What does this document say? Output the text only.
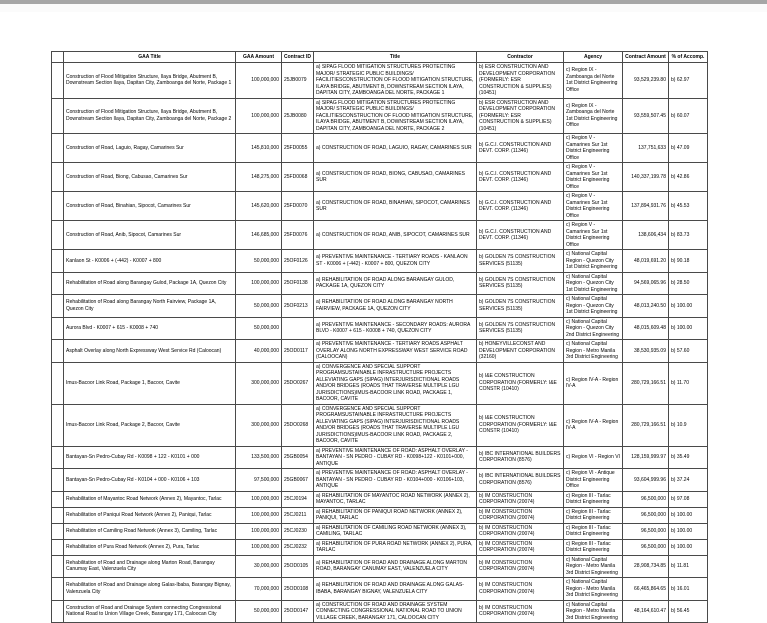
	GAA Title	GAA Amount	Contract ID	Title	Contractor	Agency	Contract Amount	% of Accomp.
	Construction of Flood Mitigation Structure, Ilaya Bridge, Abutment B, Downstream Section Ilaya, Dapitan City, Zamboanga del Norte, Package 1	100,000,000	25JB0079	a) SIPAG FLOOD MITIGATION STRUCTURES PROTECTING MAJOR/ STRATEGIC PUBLIC BUILDINGS/ FACILITIESCONSTRUCTION OF FLOOD MITIGATION STRUCTURE, ILAYA BRIDGE, ABUTMENT B, DOWNSTREAM SECTION ILAYA, DAPITAN CITY, ZAMBOANGA DEL NORTE, PACKAGE 1	b) ESR CONSTRUCTION AND DEVELOPMENT CORPORATION (FORMERLY: ESR CONSTRUCTION & SUPPLIES) (10451)	c) Region IX - Zamboanga del Norte 1st District Engineering Office	93,529,239.80	b) 62.97
	Construction of Flood Mitigation Structure, Ilaya Bridge, Abutment B, Downstream Section Ilaya, Dapitan City, Zamboanga del Norte, Package 2	100,000,000	25JB0080	a) SIPAG FLOOD MITIGATION STRUCTURES PROTECTING MAJOR/ STRATEGIC PUBLIC BUILDINGS/ FACILITIESCONSTRUCTION OF FLOOD MITIGATION STRUCTURE, ILAYA BRIDGE, ABUTMENT B, DOWNSTREAM SECTION ILAYA, DAPITAN CITY, ZAMBOANGA DEL NORTE, PACKAGE 2	b) ESR CONSTRUCTION AND DEVELOPMENT CORPORATION (FORMERLY: ESR CONSTRUCTION & SUPPLIES) (10451)	c) Region IX - Zamboanga del Norte 1st District Engineering Office	93,559,507.45	b) 60.07
	Construction of Road, Laguio, Ragay, Camarines Sur	145,810,000	25FD0055	a) CONSTRUCTION OF ROAD, LAGUIO, RAGAY, CAMARINES SUR	b) G.C.I. CONSTRUCTION AND DEVT. CORP. (11346)	c) Region V - Camarines Sur 1st District Engineering Office	137,751,633	b) 47.09
	Construction of Road, Biong, Cabusao, Camarines Sur	148,275,000	25FD0068	a) CONSTRUCTION OF ROAD, BIONG, CABUSAO, CAMARINES SUR	b) G.C.I. CONSTRUCTION AND DEVT. CORP. (11346)	c) Region V - Camarines Sur 1st District Engineering Office	140,337,199.78	b) 42.86
	Construction of Road, Binahian, Sipocot, Camarines Sur	145,620,000	25FD0070	a) CONSTRUCTION OF ROAD, BINAHIAN, SIPOCOT, CAMARINES SUR	b) G.C.I. CONSTRUCTION AND DEVT. CORP. (11346)	c) Region V - Camarines Sur 1st District Engineering Office	137,894,931.76	b) 45.53
	Construction of Road, Anib, Sipocot, Camarines Sur	146,685,000	25FD0076	a) CONSTRUCTION OF ROAD, ANIB, SIPOCOT, CAMARINES SUR	b) G.C.I. CONSTRUCTION AND DEVT. CORP. (11346)	c) Region V - Camarines Sur 1st District Engineering Office	138,606,434	b) 83.73
	Kanlaon St - K0006 + (-442) - K0007 + 800	50,000,000	25OF0126	a) PREVENTIVE MAINTENANCE - TERTIARY ROADS - KANLAON ST - K0006 + (-442) - K0007 + 800, QUEZON CITY	b) GOLDEN 7S CONSTRUCTION SERVICES (51135)	c) National Capital Region - Quezon City 1st District Engineering	48,019,691.20	b) 90.18
	Rehabilitation of Road along Barangay Gulod, Package 1A, Quezon City	100,000,000	25OF0138	a) REHABILITATION OF ROAD ALONG BARANGAY GULOD, PACKAGE 1A, QUEZON CITY	b) GOLDEN 7S CONSTRUCTION SERVICES (51135)	c) National Capital Region - Quezon City 1st District Engineering	94,569,065.96	b) 28.50
	Rehabilitation of Road along Barangay North Fairview, Package 1A, Quezon City	50,000,000	25OF0213	a) REHABILITATION OF ROAD ALONG BARANGAY NORTH FAIRVIEW, PACKAGE 1A, QUEZON CITY	b) GOLDEN 7S CONSTRUCTION SERVICES (51135)	c) National Capital Region - Quezon City 1st District Engineering	48,013,240.50	b) 100.00
	Aurora Blvd - K0007 + 615 - K0008 + 740	50,000,000		a) PREVENTIVE MAINTENANCE - SECONDARY ROADS: AURORA BLVD - K0007 + 615 - K0008 + 740, QUEZON CITY	b) GOLDEN 7S CONSTRUCTION SERVICES (51135)	c) National Capital Region - Quezon City 2nd District Engineering	48,015,609.48	b) 100.00
	Asphalt Overlay along North Expressway West Service Rd (Caloocan)	40,000,000	25OD0117	a) PREVENTIVE MAINTENANCE - TERTIARY ROADS ASPHALT OVERLAY ALONG NORTH EXPRESSWAY WEST SERVICE ROAD (CALOOCAN)	b) HONEYVILLECONST AND DEVELOPMENT CORPORATION (32160)	c) National Capital Region - Metro Manila 3rd District Engineering	38,530,935.09	b) 57.60
	Imus-Bacoor Link Road, Package 1, Bacoor, Cavite	300,000,000	25DO0267	a) CONVERGENCE AND SPECIAL SUPPORT PROGRAMSUSTAINABLE INFRASTRUCTURE PROJECTS ALLEVIATING GAPS (SIPAG) INTERJURISDICTIONAL ROADS AND/OR BRIDGES (ROADS THAT TRAVERSE MULTIPLE LGU JURISDICTIONS)IMUS-BACOOR LINK ROAD, PACKAGE 1, BACOOR, CAVITE	b) I&E CONSTRUCTION CORPORATION (FORMERLY: I&E CONSTR (10410)	c) Region IV-A - Region IV-A	280,729,166.51	b) 11.70
	Imus-Bacoor Link Road, Package 2, Bacoor, Cavite	300,000,000	25DO0268	a) CONVERGENCE AND SPECIAL SUPPORT PROGRAMSUSTAINABLE INFRASTRUCTURE PROJECTS ALLEVIATING GAPS (SIPAG) INTERJURISDICTIONAL ROADS AND/OR BRIDGES (ROADS THAT TRAVERSE MULTIPLE LGU JURISDICTIONS)IMUS-BACOOR LINK ROAD, PACKAGE 2, BACOOR, CAVITE	b) I&E CONSTRUCTION CORPORATION (FORMERLY: I&E CONSTR (10410)	c) Region IV-A - Region IV-A	280,729,166.51	b) 10.9
	Bantayan-Sn Pedro-Cubay Rd - K0098 + 122 - K0101 + 000	133,500,000	25GB0054	a) PREVENTIVE MAINTENANCE OF ROAD: ASPHALT OVERLAY - BANTAYAN - SN PEDRO - CUBAY RD - K0098+122 - K0101+000, ANTIQUE	b) IBC INTERNATIONAL BUILDERS CORPORATION (8576)	c) Region VI - Region VI	128,159,999.97	b) 35.49
	Bantayan-Sn Pedro-Cubay Rd - K0104 + 000 - K0106 + 103	97,500,000	25GB0067	a) PREVENTIVE MAINTENANCE OF ROAD: ASPHALT OVERLAY - BANTAYAN - SN PEDRO - CUBAY RD - K0104+000 - K0106+103, ANTIQUE	b) IBC INTERNATIONAL BUILDERS CORPORATION (8576)	c) Region VI - Antique District Engineering Office	93,604,999.96	b) 37.24
	Rehabilitation of Mayantoc Road Network (Annex 2), Mayantoc, Tarlac	100,000,000	25CJ0194	a) REHABILITATION OF MAYANTOC ROAD NETWORK (ANNEX 2), MAYANTOC, TARLAC	b) IM CONSTRUCTION CORPORATION (20074)	c) Region III - Tarlac District Engineering	96,500,000	b) 97.08
	Rehabilitation of Paniqui Road Network (Annex 2), Paniqui, Tarlac	100,000,000	25CJ0211	a) REHABILITATION OF PANIQUI ROAD NETWORK (ANNEX 2), PANIQUI, TARLAC	b) IM CONSTRUCTION CORPORATION (20074)	c) Region III - Tarlac District Engineering	96,500,000	b) 100.00
	Rehabilitation of Camiling Road Network (Annex 3), Camiling, Tarlac	100,000,000	25CJ0230	a) REHABILITATION OF CAMILING ROAD NETWORK (ANNEX 3), CAMILING, TARLAC	b) IM CONSTRUCTION CORPORATION (20074)	c) Region III - Tarlac District Engineering	96,500,000	b) 100.00
	Rehabilitation of Pura Road Network (Annex 2), Pura, Tarlac	100,000,000	25CJ0232	a) REHABILITATION OF PURA ROAD NETWORK (ANNEX 2), PURA, TARLAC	b) IM CONSTRUCTION CORPORATION (20074)	c) Region III - Tarlac District Engineering	96,500,000	b) 100.00
	Rehabilitation of Road and Drainage along Marton Road, Barangay Canumay East, Valenzuela City	30,000,000	25OD0105	a) REHABILITATION OF ROAD AND DRAINAGE ALONG MARTON ROAD, BARANGAY CANUMAY EAST, VALENZUELA CITY	b) IM CONSTRUCTION CORPORATION (20074)	c) National Capital Region - Metro Manila 3rd District Engineering	28,908,734.85	b) 11.81
	Rehabilitation of Road and Drainage along Galas-Ibaba, Barangay Bignay, Valenzuela City	70,000,000	25OD0108	a) REHABILITATION OF ROAD AND DRAINAGE ALONG GALAS-IBABA, BARANGAY BIGNAY, VALENZUELA CITY	b) IM CONSTRUCTION CORPORATION (20074)	c) National Capital Region - Metro Manila 3rd District Engineering	66,465,864.65	b) 16.01
	Construction of Road and Drainage System connecting Congressional National Road to Union Village Creek, Barangay 171, Caloocan City	50,000,000	25OD0147	a) CONSTRUCTION OF ROAD AND DRAINAGE SYSTEM CONNECTING CONGRESSIONAL NATIONAL ROAD TO UNION VILLAGE CREEK, BARANGAY 171, CALOOCAN CITY	b) IM CONSTRUCTION CORPORATION (20074)	c) National Capital Region - Metro Manila 3rd District Engineering	48,164,610.47	b) 56.45
